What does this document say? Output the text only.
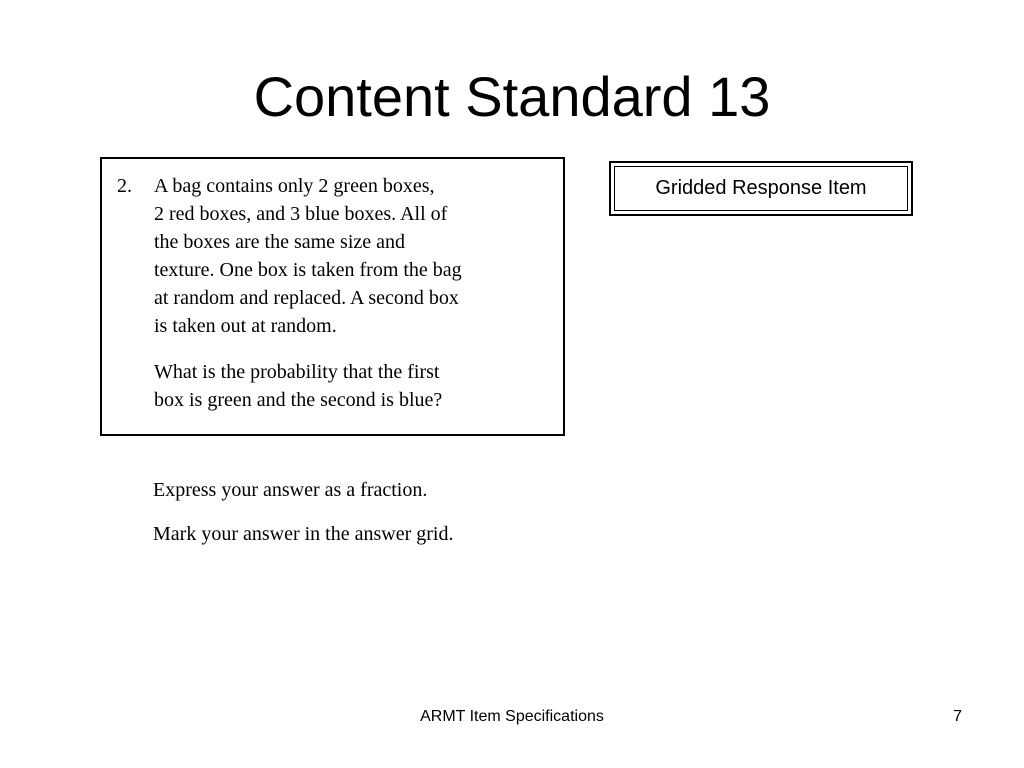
Content Standard 13
2. A bag contains only 2 green boxes,
2 red boxes, and 3 blue boxes. All of
the boxes are the same size and
texture. One box is taken from the bag
at random and replaced. A second box
is taken out at random.
What is the probability that the first
box is green and the second is blue?
Express your answer as a fraction.
Mark your answer in the answer grid.
Gridded Response Item
ARMT Item Specifications	7
